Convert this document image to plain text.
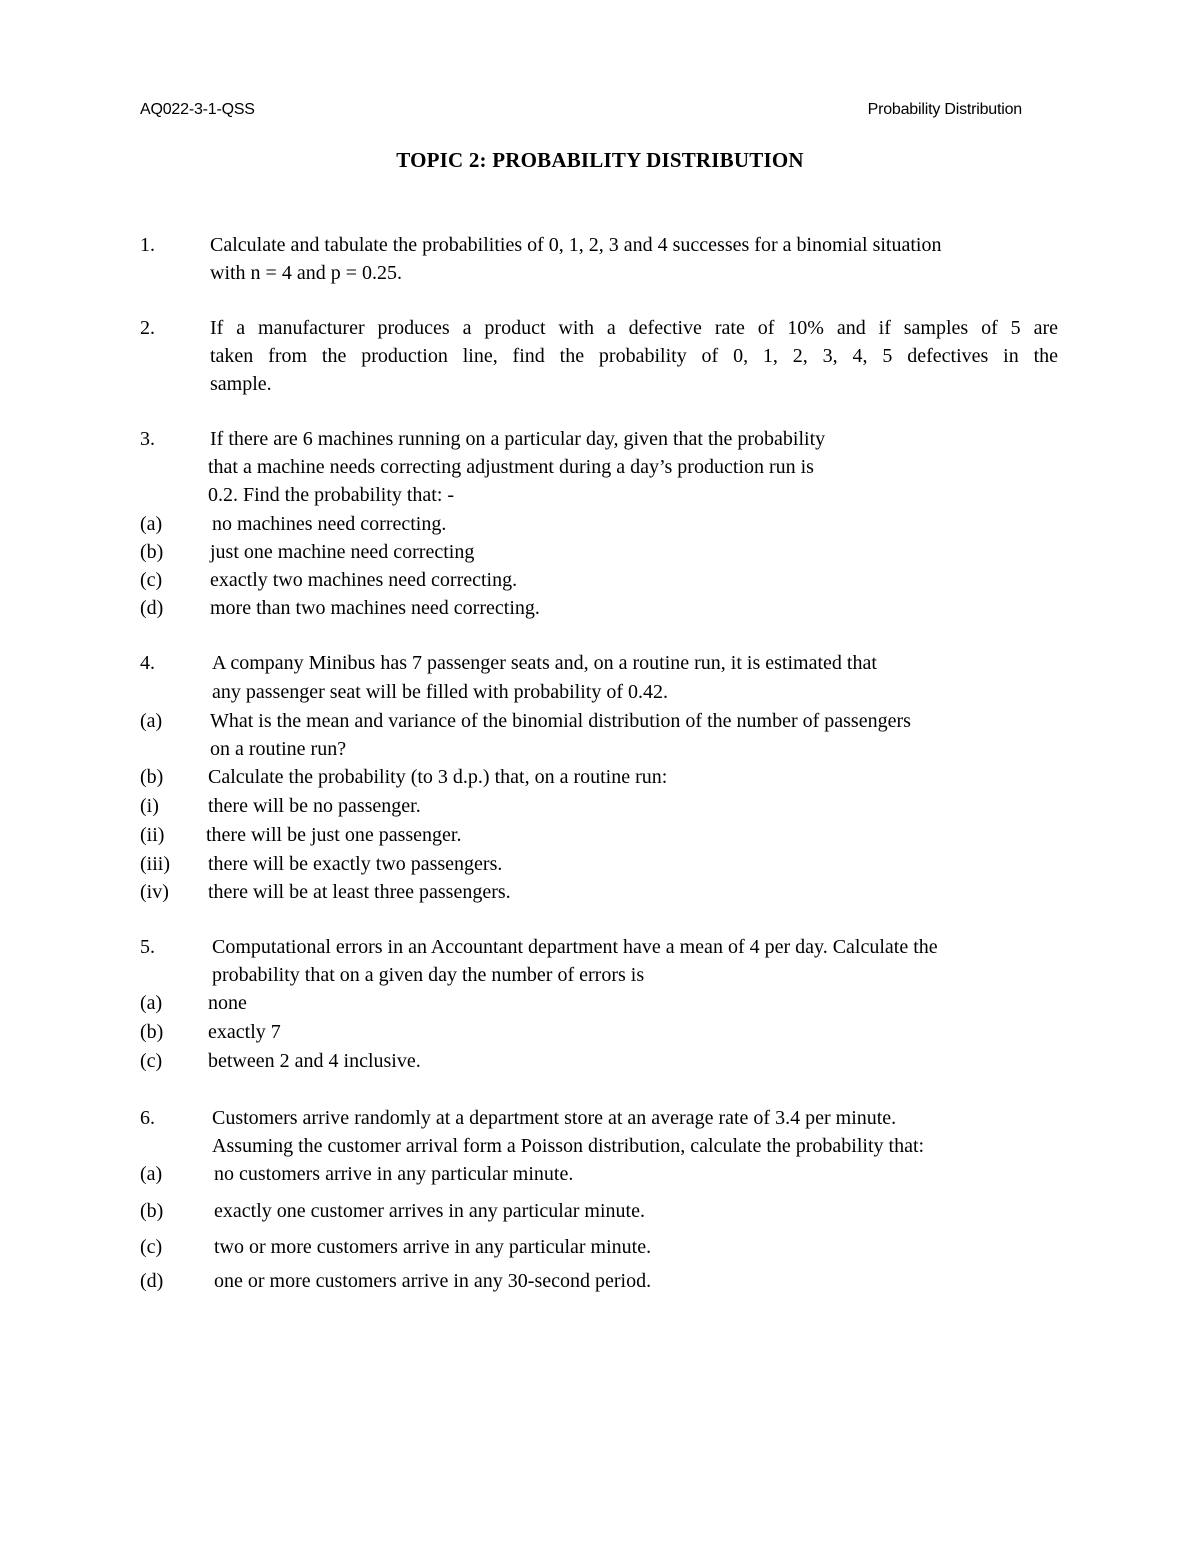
AQ022-3-1-QSS	Probability Distribution
TOPIC 2: PROBABILITY DISTRIBUTION
1.	Calculate and tabulate the probabilities of 0, 1, 2, 3 and 4 successes for a binomial situation
with n = 4 and p = 0.25.
2.	If a manufacturer produces a product with a defective rate of 10% and if samples of 5 are
taken from the production line, find the probability of 0, 1, 2, 3, 4, 5 defectives in the
sample.
3.	If there are 6 machines running on a particular day, given that the probability
that a machine needs correcting adjustment during a day’s production run is
0.2. Find the probability that: -
(a) no machines need correcting.
(b) just one machine need correcting
(c) exactly two machines need correcting.
(d) more than two machines need correcting.
4.	A company Minibus has 7 passenger seats and, on a routine run, it is estimated that
any passenger seat will be filled with probability of 0.42.
(a) What is the mean and variance of the binomial distribution of the number of passengers
on a routine run?
(b) Calculate the probability (to 3 d.p.) that, on a routine run:
(i) there will be no passenger.
(ii) there will be just one passenger.
(iii) there will be exactly two passengers.
(iv) there will be at least three passengers.
5.	Computational errors in an Accountant department have a mean of 4 per day. Calculate the
probability that on a given day the number of errors is
(a) none
(b) exactly 7
(c) between 2 and 4 inclusive.
6.	Customers arrive randomly at a department store at an average rate of 3.4 per minute.
Assuming the customer arrival form a Poisson distribution, calculate the probability that:
(a)	no customers arrive in any particular minute.
(b)	exactly one customer arrives in any particular minute.
(c)	two or more customers arrive in any particular minute.
(d)	one or more customers arrive in any 30-second period.
